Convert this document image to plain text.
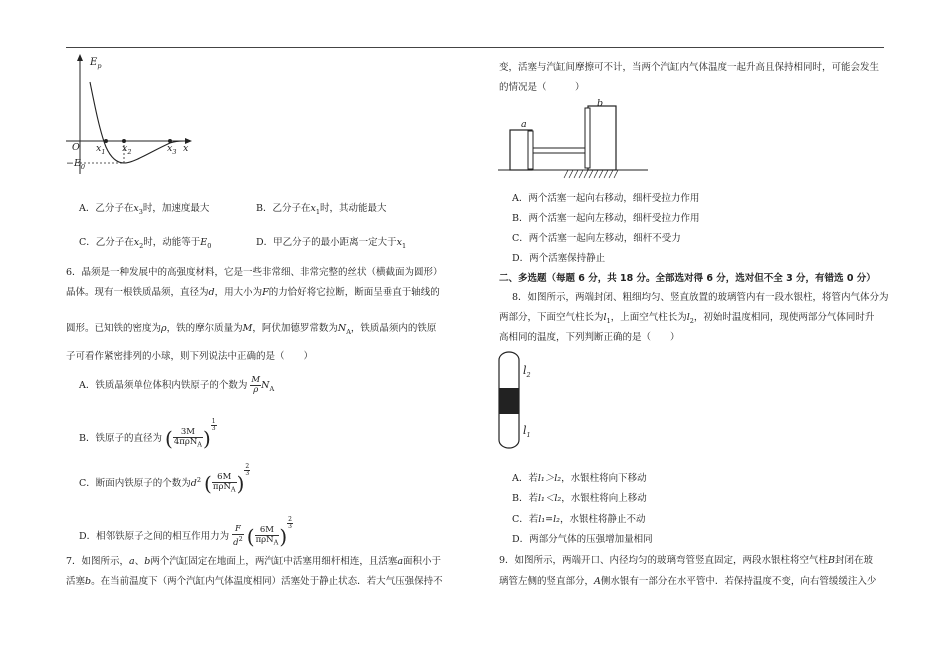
$E_p$
O $x_1$ $x_2$	$x_3$ x
$-E_0$
A．乙分子在$x_3$时，加速度最大	B．乙分子在$x_1$时，其动能最大
C．乙分子在$x_2$时，动能等于$E_0$	D．甲乙分子的最小距离一定大于$x_1$
6．晶须是一种发展中的高强度材料，它是一些非常细、非常完整的丝状（横截面为圆形）
晶体。现有一根铁质晶须，直径为d，用大小为F的力恰好将它拉断，断面呈垂直于轴线的
圆形。已知铁的密度为ρ，铁的摩尔质量为M，阿伏加德罗常数为$N_A$，铁质晶须内的铁原
子可看作紧密排列的小球，则下列说法中正确的是（　　）
A．铁质晶须单位体积内铁原子的个数为 $\frac{M}{\rho} N_A$
B．铁原子的直径为 ( $\frac{3M}{4\pi\rho N_A}$ )
$^{\frac{1}{3}}$
C．断面内铁原子的个数为$d^2$ ( $\frac{6M}{\pi\rho N_A}$ )
$^{\frac{2}{3}}$
D．相邻铁原子之间的相互作用力为 $\frac{F}{d^2}$ ( $\frac{6M}{\pi\rho N_A}$ )
$^{\frac{2}{3}}$
7．如图所示，a、b两个汽缸固定在地面上，两汽缸中活塞用细杆相连，且活塞a面积小于
活塞b。在当前温度下（两个汽缸内气体温度相同）活塞处于静止状态．若大气压强保持不
变，活塞与汽缸间摩擦可不计，当两个汽缸内气体温度一起升高且保持相同时，可能会发生
的情况是（　　　）
a
b
A．两个活塞一起向右移动，细杆受拉力作用
B．两个活塞一起向左移动，细杆受拉力作用
C．两个活塞一起向左移动，细杆不受力
D．两个活塞保持静止
二、多选题（每题 6 分，共 18 分。全部选对得 6 分，选对但不全 3 分，有错选 0 分）
8．如图所示，两端封闭、粗细均匀、竖直放置的玻璃管内有一段水银柱，将管内气体分为
两部分，下面空气柱长为$l_1$，上面空气柱长为$l_2$，初始时温度相同，现使两部分气体同时升
高相同的温度，下列判断正确的是（　　）
$l_2$
$l_1$
A．若l₁＞l₂，水银柱将向下移动
B．若l₁＜l₂，水银柱将向上移动
C．若l₁=l₂，水银柱将静止不动
D．两部分气体的压强增加量相同
9．如图所示，两端开口、内径均匀的玻璃弯管竖直固定，两段水银柱将空气柱B封闭在玻
璃管左侧的竖直部分，A侧水银有一部分在水平管中．若保持温度不变，向右管缓缓注入少
